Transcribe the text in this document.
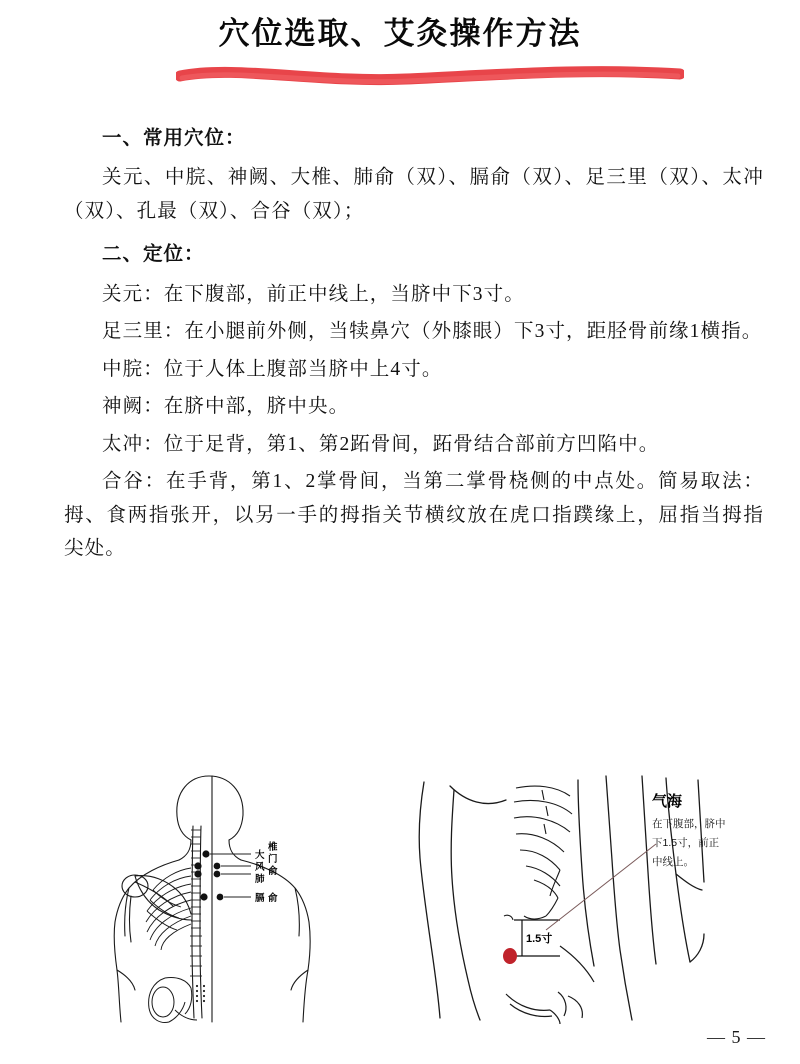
穴位选取、艾灸操作方法
一、常用穴位：

关元、中脘、神阙、大椎、肺俞（双）、膈俞（双）、足三里（双）、太冲（双）、孔最（双）、合谷（双）；

二、定位：

关元：在下腹部，前正中线上，当脐中下3寸。

足三里：在小腿前外侧，当犊鼻穴（外膝眼）下3寸，距胫骨前缘1横指。

中脘：位于人体上腹部当脐中上4寸。

神阙：在脐中部，脐中央。

太冲：位于足背，第1、第2跖骨间，跖骨结合部前方凹陷中。

合谷：在手背，第1、2掌骨间，当第二掌骨桡侧的中点处。简易取法：拇、食两指张开，以另一手的拇指关节横纹放在虎口指蹼缘上，屈指当拇指尖处。

大
椎
风
门
肺
俞
膈 俞
1.5寸
气海
在下腹部，脐中
下1.5寸，前正
中线上。
— 5 —
